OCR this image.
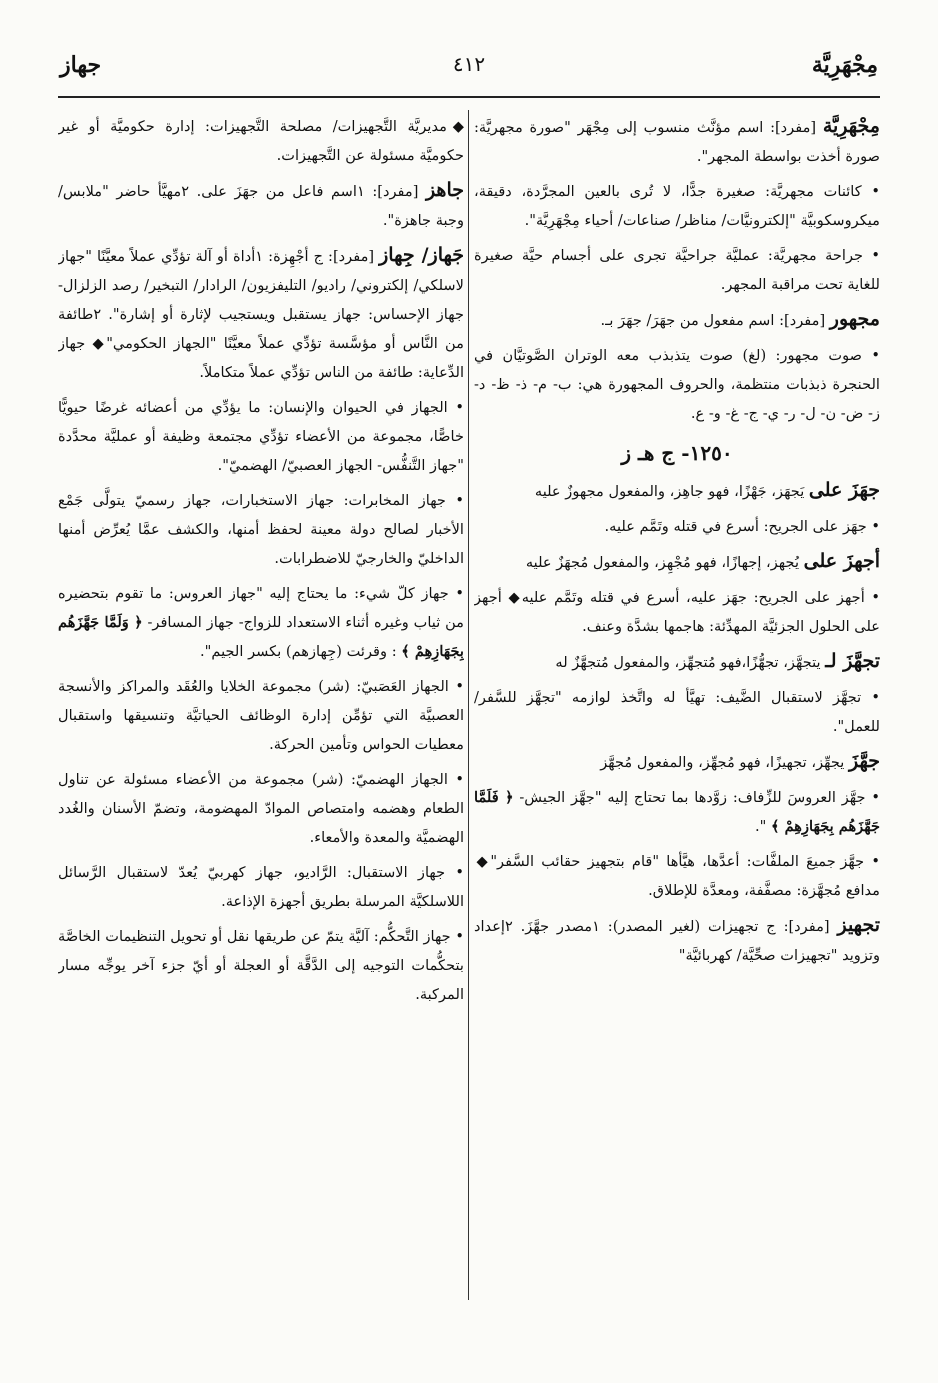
مِجْهَرِيَّة
٤١٢
جهاز

مِجْهَرِيَّة [مفرد]: اسم مؤنَّث منسوب إلى مِجْهَر "صورة مجهريَّة: صورة أخذت بواسطة المجهر".

• كائنات مجهريَّة: صغيرة جدًّا، لا تُرى بالعين المجرَّدة، دقيقة، ميكروسكوبيَّة "إلكترونيَّات/ مناظر/ صناعات/ أحياء مِجْهَرِيَّة".

• جراحة مجهريَّة: عمليَّة جراحيَّة تجرى على أجسام حيَّة صغيرة للغاية تحت مراقبة المجهر.

مجهور [مفرد]: اسم مفعول من جهَرَ/ جهَرَ بـ.

• صوت مجهور: (لغ) صوت يتذبذب معه الوتران الصَّوتيَّان في الحنجرة ذبذبات منتظمة، والحروف المجهورة هي: ب- م- ذ- ظ- د- ز- ض- ن- ل- ر- ي- ج- غ- و- ع.

١٢٥٠- ج هـ ز

جهَزَ على يَجهَز، جَهْزًا، فهو جاهِز، والمفعول مجهوزٌ عليه

• جهَز على الجريح: أسرع في قتله وتَمَّم عليه.

أجهزَ على يُجهز، إجهازًا، فهو مُجْهِز، والمفعول مُجهَزٌ عليه

• أجهز على الجريح: جهَز عليه، أسرع في قتله وتَمَّم عليه◆ أجهز على الحلول الجزئيَّة المهدِّئة: هاجمها بشدَّة وعنف.

تجهَّزَ لـ يتجهَّز، تجهُّزًا،فهو مُتجهِّز، والمفعول مُتجهَّزٌ له

• تجهَّز لاستقبال الضَّيف: تهيَّأ له واتَّخذ لوازمه "تجهَّز للسَّفر/ للعمل".

جهَّزَ يجهِّز، تجهيزًا، فهو مُجهِّز، والمفعول مُجهَّز

• جهَّز العروسَ للزِّفاف: زوَّدها بما تحتاج إليه "جهَّز الجيش- ﴿ فَلَمَّا جَهَّزَهُم بِجَهَازِهِمْ ﴾ ".

• جهَّز جميعَ الملفَّات: أعدَّها، هيَّأها "قام بتجهيز حقائب السَّفر"◆ مدافع مُجهَّزة: مصفَّفة، ومعدَّة للإطلاق.

تجهيز [مفرد]: ج تجهيزات (لغير المصدر): ١مصدر جهَّزَ. ٢إعداد وتزويد "تجهيزات صحِّيَّة/ كهربائيَّة"

◆مديريَّة التَّجهيزات/ مصلحة التَّجهيزات: إدارة حكوميَّة أو غير حكوميَّة مسئولة عن التَّجهيزات.

جاهز [مفرد]: ١اسم فاعل من جهَزَ على. ٢مهيَّأ حاضر "ملابس/ وجبة جاهزة".

جَهاز/ جِهاز [مفرد]: ج أجْهِزة: ١أداة أو آلة تؤدِّي عملاً معيَّنًا "جهاز لاسلكي/ إلكتروني/ راديو/ التليفزيون/ الرادار/ التبخير/ رصد الزلزال- جهاز الإحساس: جهاز يستقبل ويستجيب لإثارة أو إشارة". ٢طائفة من النَّاس أو مؤسَّسة تؤدِّي عملاً معيَّنًا "الجهاز الحكومي"◆ جهاز الدِّعاية: طائفة من الناس تؤدِّي عملاً متكاملاً.

• الجهاز في الحيوان والإنسان: ما يؤدِّي من أعضائه غرضًا حيويًّا خاصًّا، مجموعة من الأعضاء تؤدِّي مجتمعة وظيفة أو عمليَّة محدَّدة "جهاز التَّنفُّس- الجهاز العصبيّ/ الهضميّ".

• جهاز المخابرات: جهاز الاستخبارات، جهاز رسميّ يتولَّى جَمْع الأخبار لصالح دولة معينة لحفظ أمنها، والكشف عمَّا يُعرِّض أمنها الداخليّ والخارجيّ للاضطرابات.

• جهاز كلّ شيء: ما يحتاج إليه "جهاز العروس: ما تقوم بتحضيره من ثياب وغيره أثناء الاستعداد للزواج- جهاز المسافر- ﴿ وَلَمَّا جَهَّزَهُم بِجَهَازِهِمْ ﴾ : وقرئت (جِهازهم) بكسر الجيم".

• الجهاز العَصَبيّ: (شر) مجموعة الخلايا والعُقَد والمراكز والأنسجة العصبيَّة التي تؤمِّن إدارة الوظائف الحياتيَّة وتنسيقها واستقبال معطيات الحواس وتأمين الحركة.

• الجهاز الهضميّ: (شر) مجموعة من الأعضاء مسئولة عن تناول الطعام وهضمه وامتصاص الموادّ المهضومة، وتضمّ الأسنان والغُدد الهضميَّة والمعدة والأمعاء.

• جهاز الاستقبال: الرَّاديو، جهاز كهربيّ يُعدّ لاستقبال الرَّسائل اللاسلكيَّة المرسلة بطريق أجهزة الإذاعة.

• جهاز التَّحكُّم: آليَّة يتمّ عن طريقها نقل أو تحويل التنظيمات الخاصَّة بتحكُّمات التوجيه إلى الدَّقَّة أو العجلة أو أيّ جزء آخر يوجِّه مسار المركبة.
